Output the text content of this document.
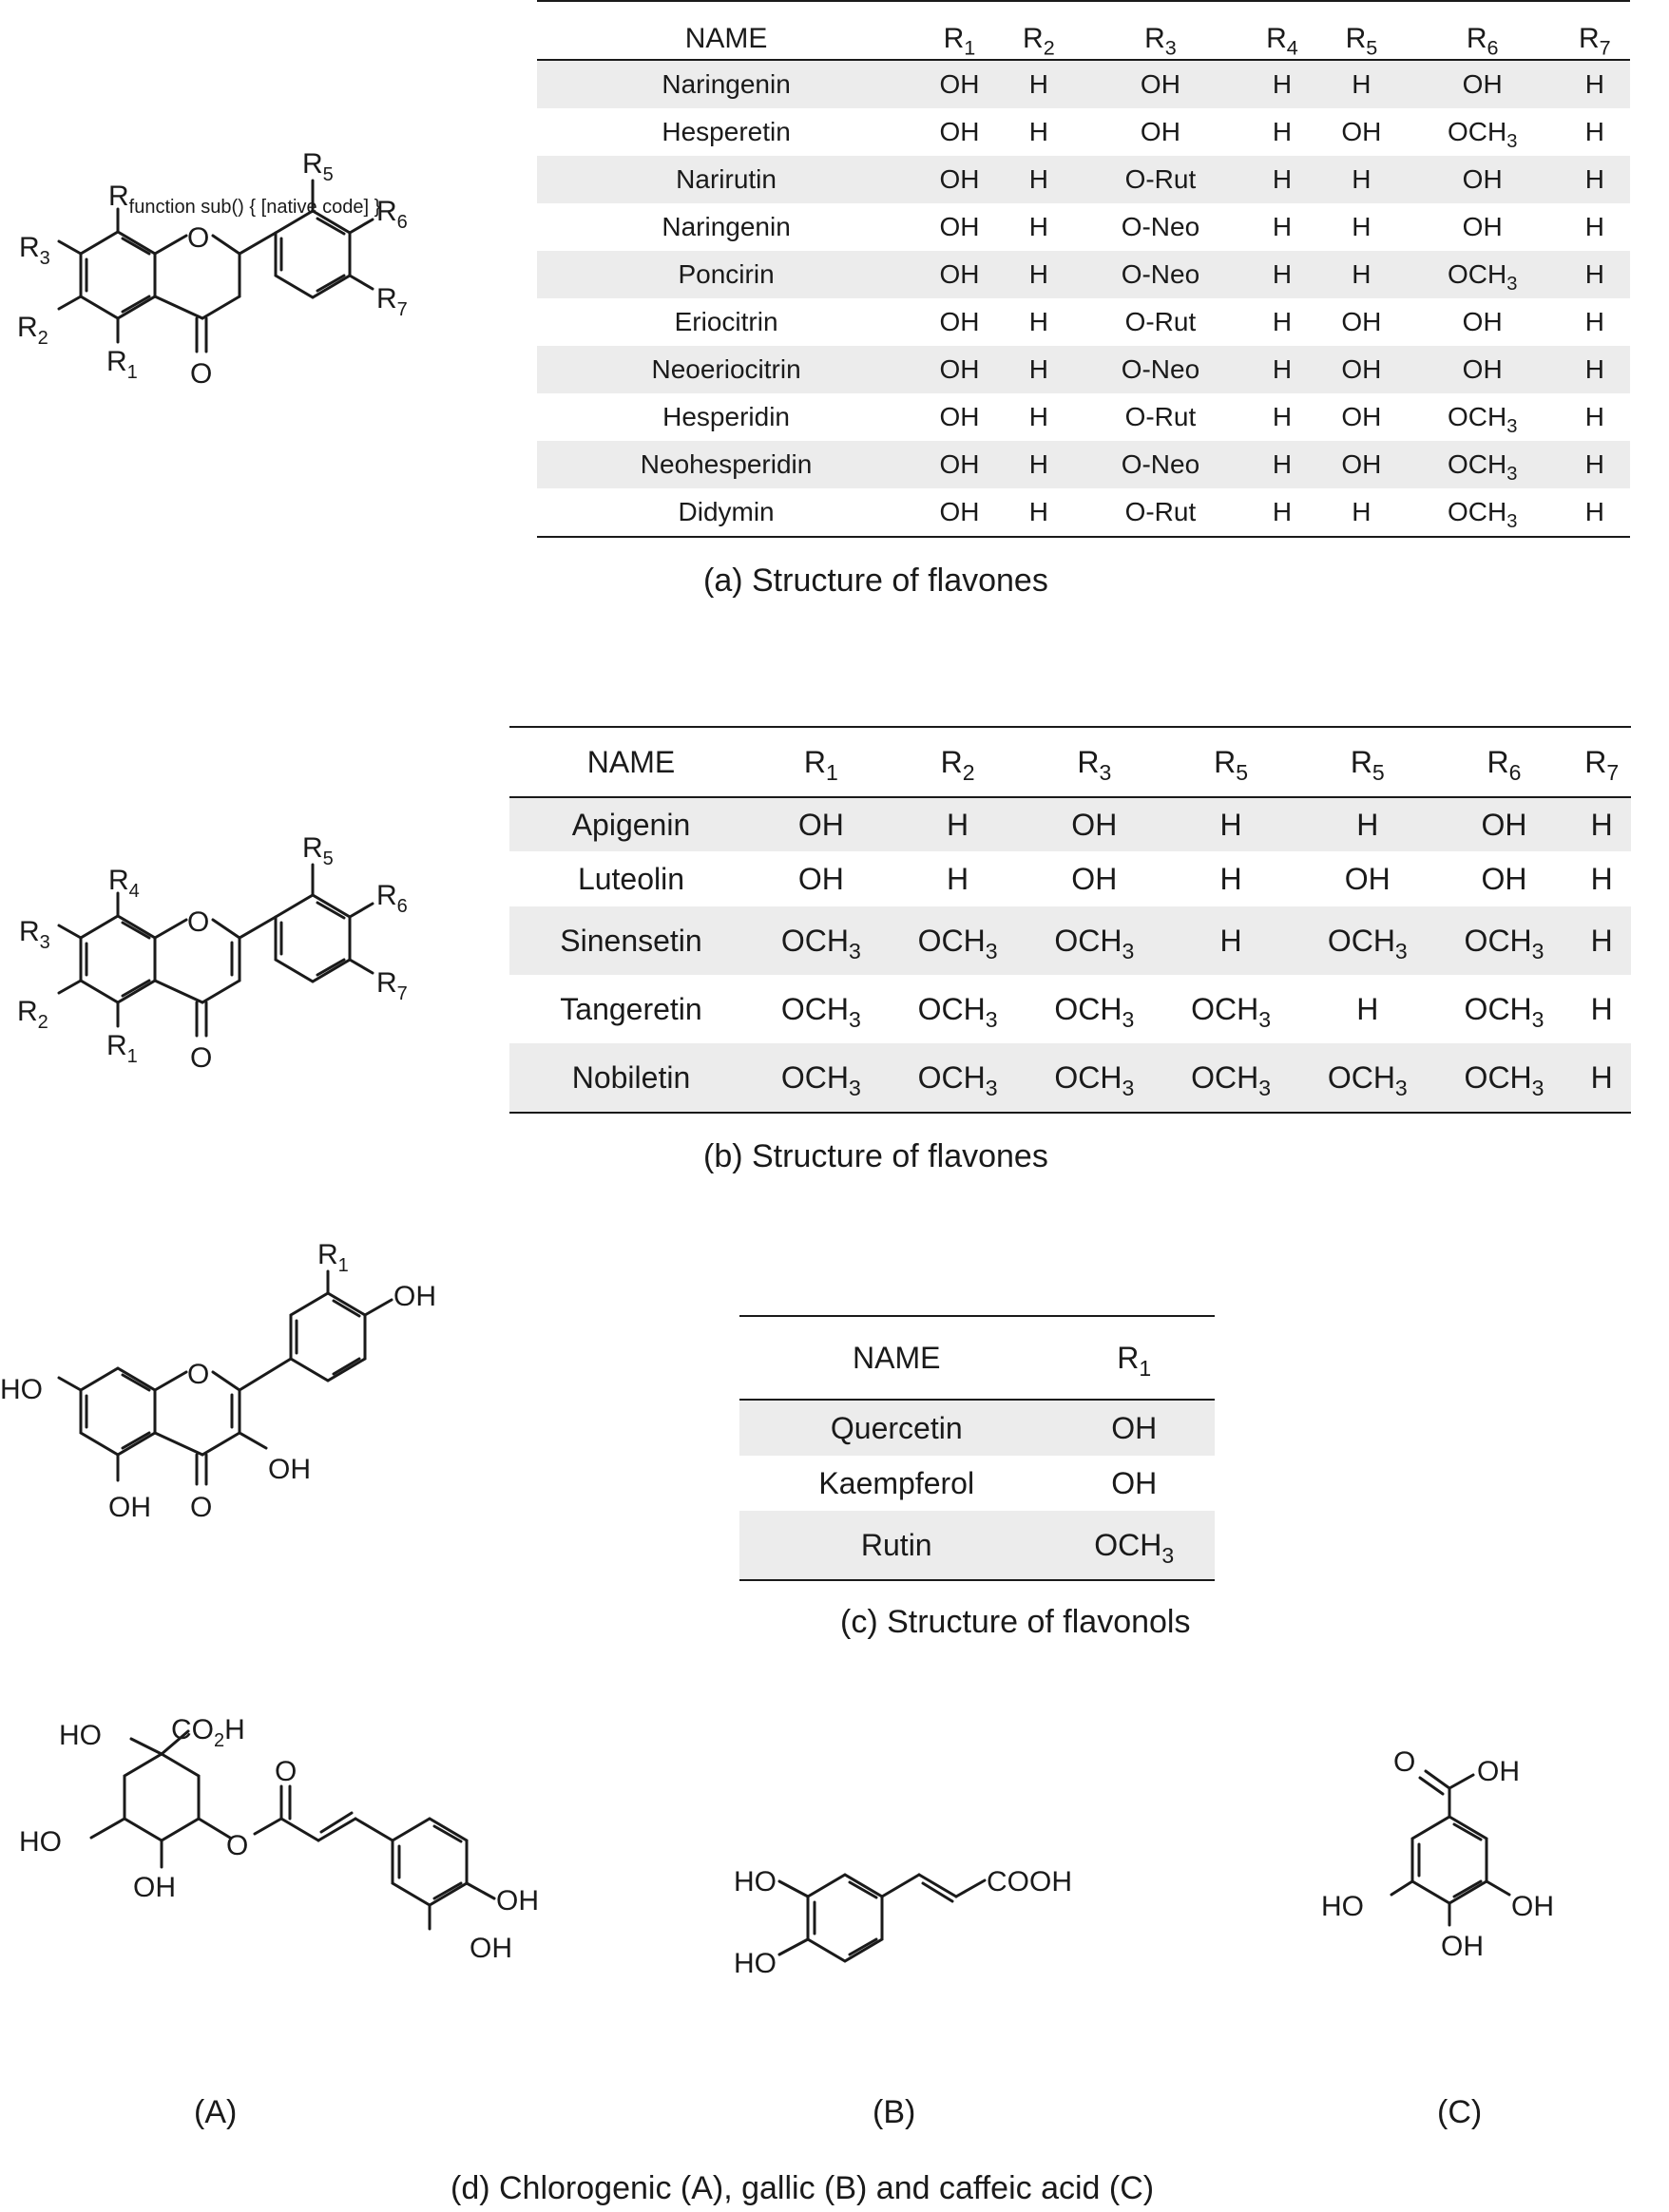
$R_{function sub() \{ [native code] \}}$
$R_3$
$R_2$
$R_1$
O
O
$R_5$
$R_6$
$R_7$
NAME	$R_1$	$R_2$	$R_3$	$R_4$	$R_5$	$R_6$	$R_7$
Naringenin	OH	H	OH	H	H	OH	H
Hesperetin	OH	H	OH	H	OH	$OCH_3$	H
Narirutin	OH	H	O-Rut	H	H	OH	H
Naringenin	OH	H	O-Neo	H	H	OH	H
Poncirin	OH	H	O-Neo	H	H	$OCH_3$	H
Eriocitrin	OH	H	O-Rut	H	OH	OH	H
Neoeriocitrin	OH	H	O-Neo	H	OH	OH	H
Hesperidin	OH	H	O-Rut	H	OH	$OCH_3$	H
Neohesperidin	OH	H	O-Neo	H	OH	$OCH_3$	H
Didymin	OH	H	O-Rut	H	H	$OCH_3$	H
(a) Structure of flavones
$R_4$
$R_3$
$R_2$
$R_1$
O
O
$R_5$
$R_6$
$R_7$
NAME	$R_1$	$R_2$	$R_3$	$R_5$	$R_5$	$R_6$	$R_7$
Apigenin	OH	H	OH	H	H	OH	H
Luteolin	OH	H	OH	H	OH	OH	H
Sinensetin	$OCH_3$	$OCH_3$	$OCH_3$	H	$OCH_3$	$OCH_3$	H
Tangeretin	$OCH_3$	$OCH_3$	$OCH_3$	$OCH_3$	H	$OCH_3$	H
Nobiletin	$OCH_3$	$OCH_3$	$OCH_3$	$OCH_3$	$OCH_3$	$OCH_3$	H
(b) Structure of flavones
$R_1$
OH
HO	O
OH
OH O
NAME	$R_1$
Quercetin	OH
Kaempferol	OH
Rutin	$OCH_3$
(c) Structure of flavonols
HO $CO_2H$
O
O
HO
OH	OH
OH
HO
HO
COOH
O OH
HO	OH
OH
(A)	(B)	(C)
(d) Chlorogenic (A), gallic (B) and caffeic acid (C)
